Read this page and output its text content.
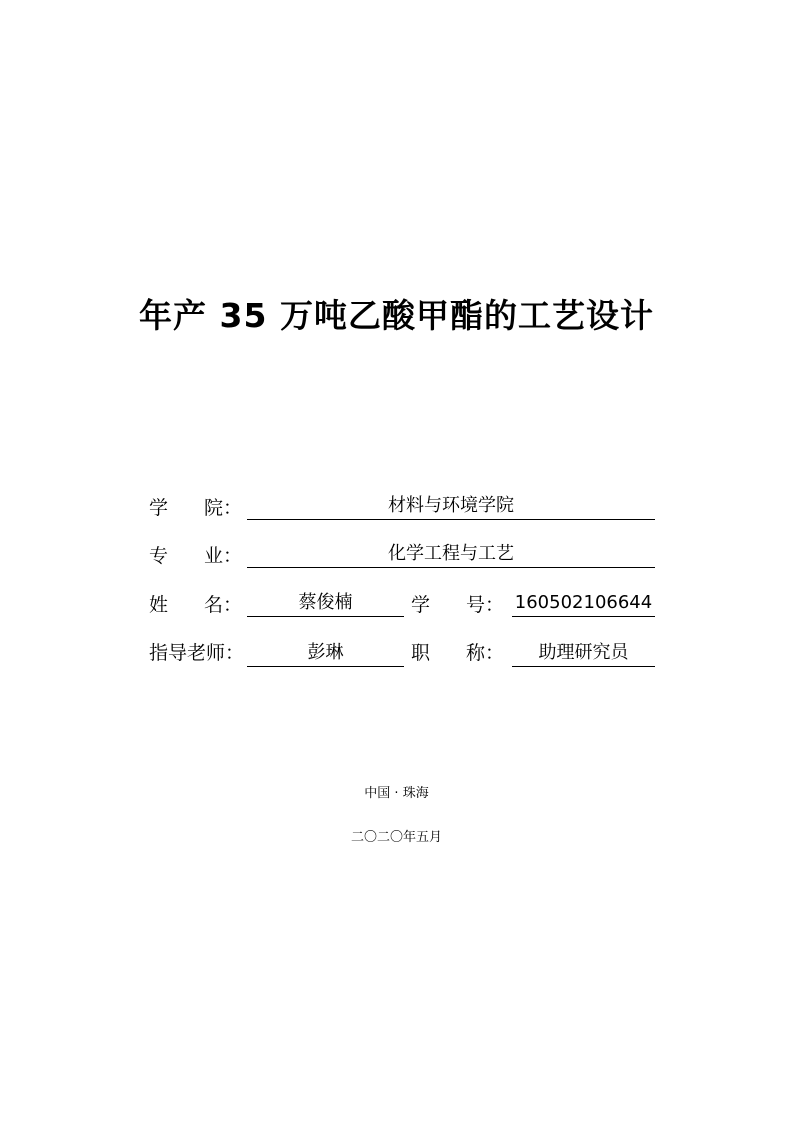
年产 35 万吨乙酸甲酯的工艺设计
学 院：	材料与环境学院
专 业：	化学工程与工艺
姓 名：	蔡俊楠	学 号： 160502106644
指导老师：	彭琳	职 称：	助理研究员
中国 · 珠海
二〇二〇年五月
